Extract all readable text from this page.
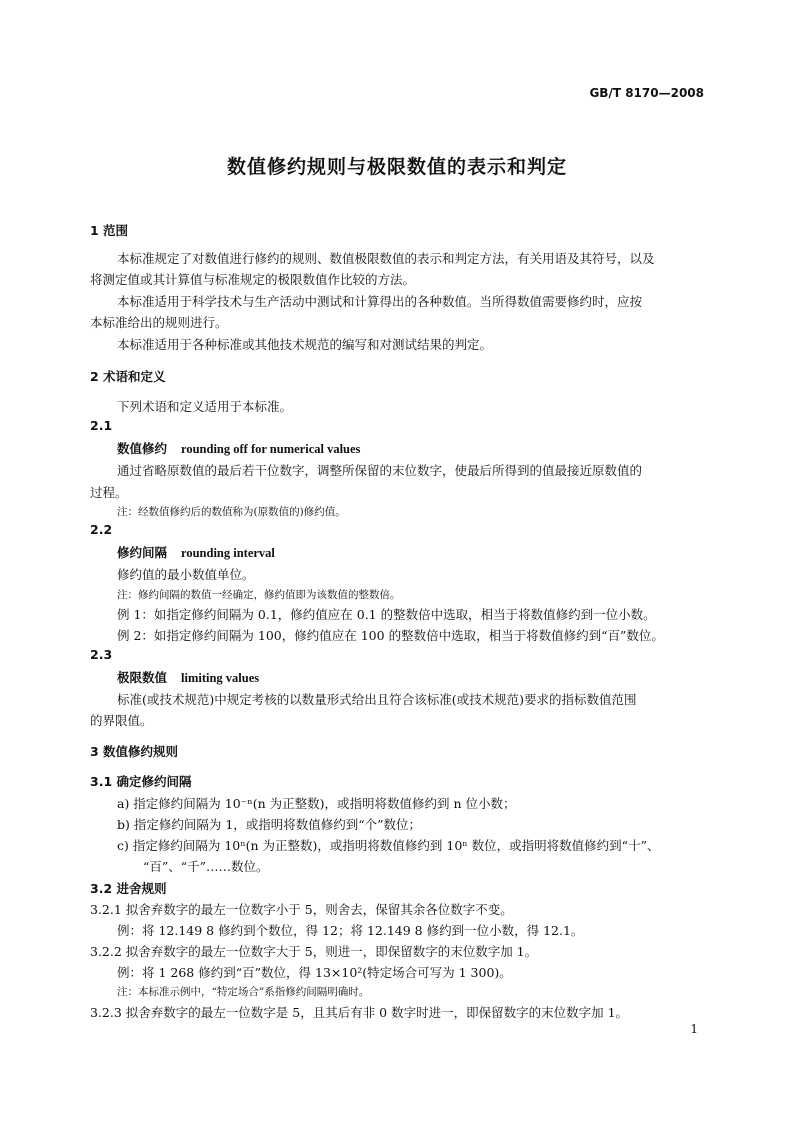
GB/T 8170—2008
数值修约规则与极限数值的表示和判定
1 范围
本标准规定了对数值进行修约的规则、数值极限数值的表示和判定方法，有关用语及其符号，以及
将测定值或其计算值与标准规定的极限数值作比较的方法。
本标准适用于科学技术与生产活动中测试和计算得出的各种数值。当所得数值需要修约时，应按
本标准给出的规则进行。
本标准适用于各种标准或其他技术规范的编写和对测试结果的判定。
2 术语和定义
下列术语和定义适用于本标准。
2.1
数值修约 rounding off for numerical values
通过省略原数值的最后若干位数字，调整所保留的末位数字，使最后所得到的值最接近原数值的
过程。
注：经数值修约后的数值称为(原数值的)修约值。
2.2
修约间隔 rounding interval
修约值的最小数值单位。
注：修约间隔的数值一经确定，修约值即为该数值的整数倍。
例 1：如指定修约间隔为 0.1，修约值应在 0.1 的整数倍中选取，相当于将数值修约到一位小数。
例 2：如指定修约间隔为 100，修约值应在 100 的整数倍中选取，相当于将数值修约到“百”数位。
2.3
极限数值 limiting values
标准(或技术规范)中规定考核的以数量形式给出且符合该标准(或技术规范)要求的指标数值范围
的界限值。
3 数值修约规则
3.1 确定修约间隔
a) 指定修约间隔为 10⁻ⁿ(n 为正整数)，或指明将数值修约到 n 位小数；
b) 指定修约间隔为 1，或指明将数值修约到“个”数位；
c) 指定修约间隔为 10ⁿ(n 为正整数)，或指明将数值修约到 10ⁿ 数位，或指明将数值修约到“十”、
“百”、“千”……数位。
3.2 进舍规则
3.2.1 拟舍弃数字的最左一位数字小于 5，则舍去，保留其余各位数字不变。
例：将 12.149 8 修约到个数位，得 12；将 12.149 8 修约到一位小数，得 12.1。
3.2.2 拟舍弃数字的最左一位数字大于 5，则进一，即保留数字的末位数字加 1。
例：将 1 268 修约到“百”数位，得 13×10²(特定场合可写为 1 300)。
注：本标准示例中，“特定场合”系指修约间隔明确时。
3.2.3 拟舍弃数字的最左一位数字是 5，且其后有非 0 数字时进一，即保留数字的末位数字加 1。
1
